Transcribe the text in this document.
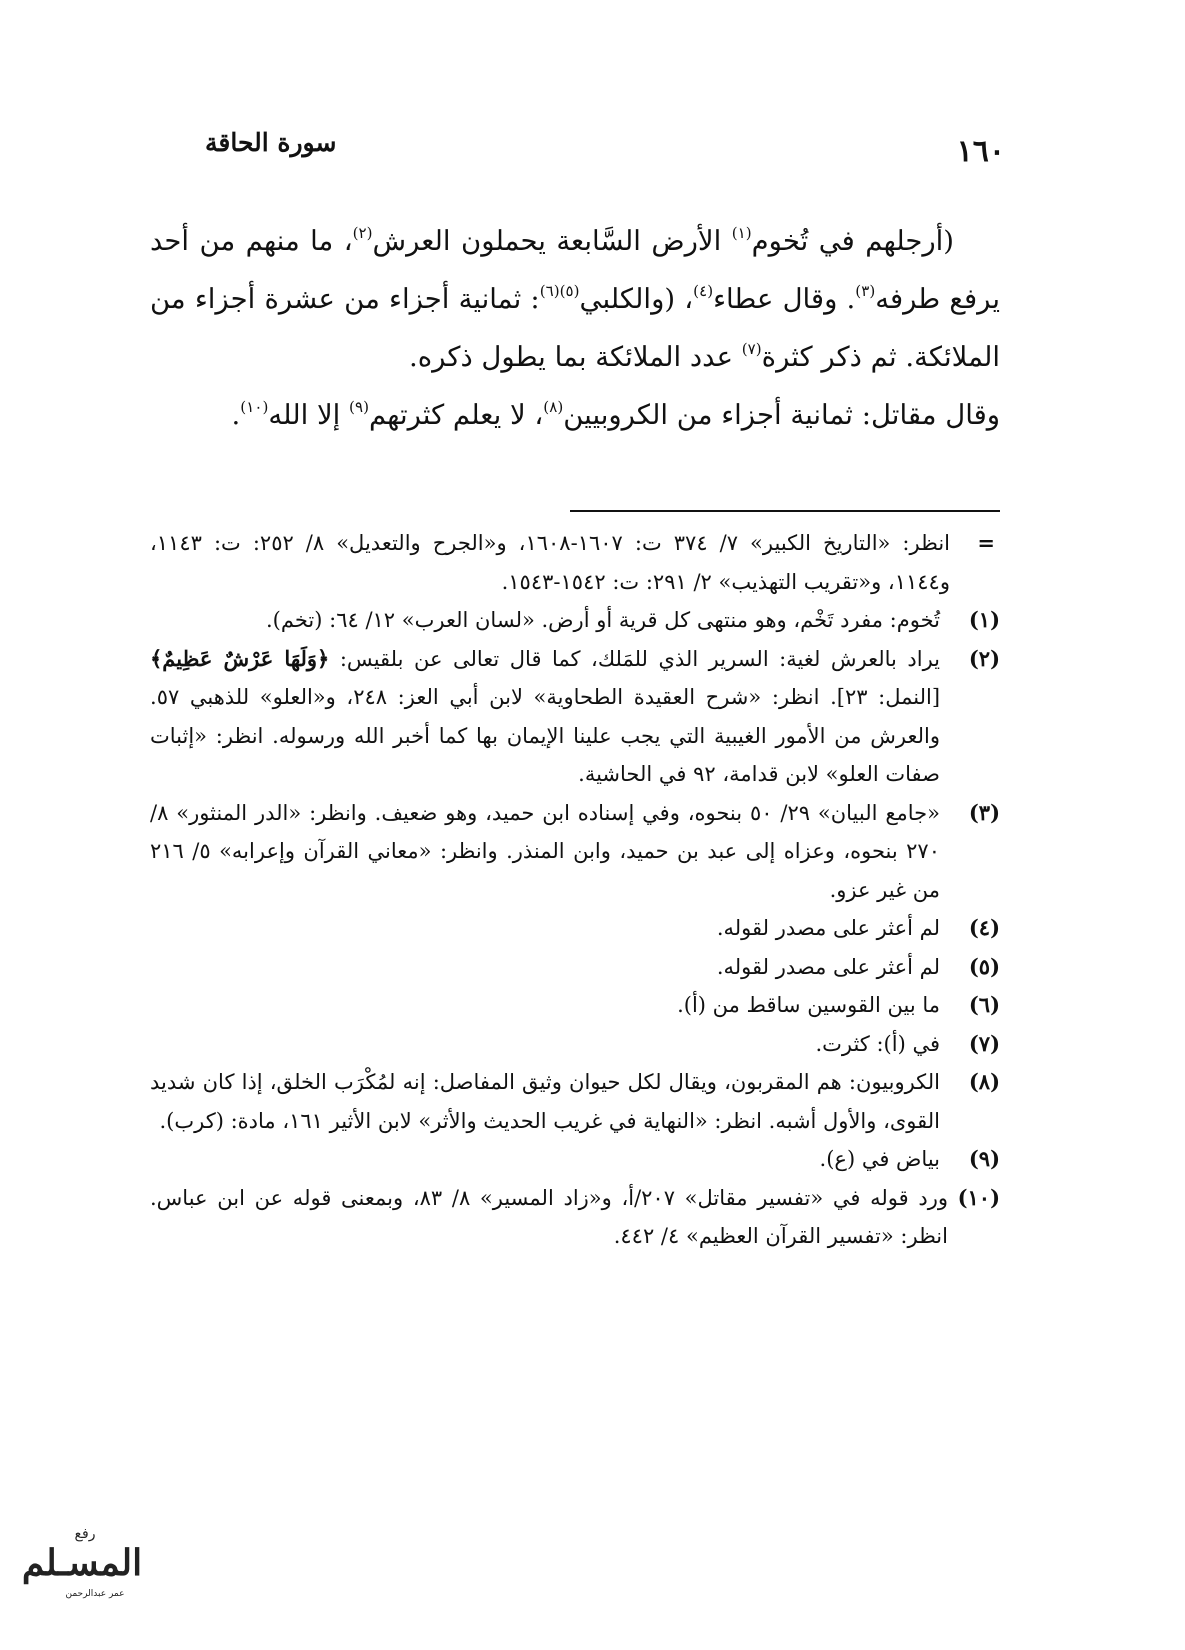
١٦٠
سورة الحاقة

(أرجلهم في تُخوم$^{(١)}$ الأرض السَّابعة يحملون العرش$^{(٢)}$، ما منهم من أحد يرفع طرفه$^{(٣)}$. وقال عطاء$^{(٤)}$، (والكلبي$^{(٥)(٦)}$: ثمانية أجزاء من عشرة أجزاء من الملائكة. ثم ذكر كثرة$^{(٧)}$ عدد الملائكة بما يطول ذكره.

وقال مقاتل: ثمانية أجزاء من الكروبيين$^{(٨)}$، لا يعلم كثرتهم$^{(٩)}$ إلا الله$^{(١٠)}$.

=
انظر: «التاريخ الكبير» ٧/ ٣٧٤ ت: ١٦٠٧-١٦٠٨، و«الجرح والتعديل» ٨/ ٢٥٢: ت: ١١٤٣، و١١٤٤، و«تقريب التهذيب» ٢/ ٢٩١: ت: ١٥٤٢-١٥٤٣.
(١)
تُخوم: مفرد تَخْم، وهو منتهى كل قرية أو أرض. «لسان العرب» ١٢/ ٦٤: (تخم).
(٢)
يراد بالعرش لغية: السرير الذي للمَلك، كما قال تعالى عن بلقيس: ﴿وَلَهَا عَرْشٌ عَظِيمٌ﴾ [النمل: ٢٣]. انظر: «شرح العقيدة الطحاوية» لابن أبي العز: ٢٤٨، و«العلو» للذهبي ٥٧. والعرش من الأمور الغيبية التي يجب علينا الإيمان بها كما أخبر الله ورسوله. انظر: «إثبات صفات العلو» لابن قدامة، ٩٢ في الحاشية.
(٣)
«جامع البيان» ٢٩/ ٥٠ بنحوه، وفي إسناده ابن حميد، وهو ضعيف. وانظر: «الدر المنثور» ٨/ ٢٧٠ بنحوه، وعزاه إلى عبد بن حميد، وابن المنذر. وانظر: «معاني القرآن وإعرابه» ٥/ ٢١٦ من غير عزو.
(٤)
لم أعثر على مصدر لقوله.
(٥)
لم أعثر على مصدر لقوله.
(٦)
ما بين القوسين ساقط من (أ).
(٧)
في (أ): كثرت.
(٨)
الكروبيون: هم المقربون، ويقال لكل حيوان وثيق المفاصل: إنه لمُكْرَب الخلق، إذا كان شديد القوى، والأول أشبه. انظر: «النهاية في غريب الحديث والأثر» لابن الأثير ١٦١، مادة: (كرب).
(٩)
بياض في (ع).
(١٠)
ورد قوله في «تفسير مقاتل» ٢٠٧/أ، و«زاد المسير» ٨/ ٨٣، وبمعنى قوله عن ابن عباس. انظر: «تفسير القرآن العظيم» ٤/ ٤٤٢.
رفع
المسـلم
عمر عبدالرحمن
